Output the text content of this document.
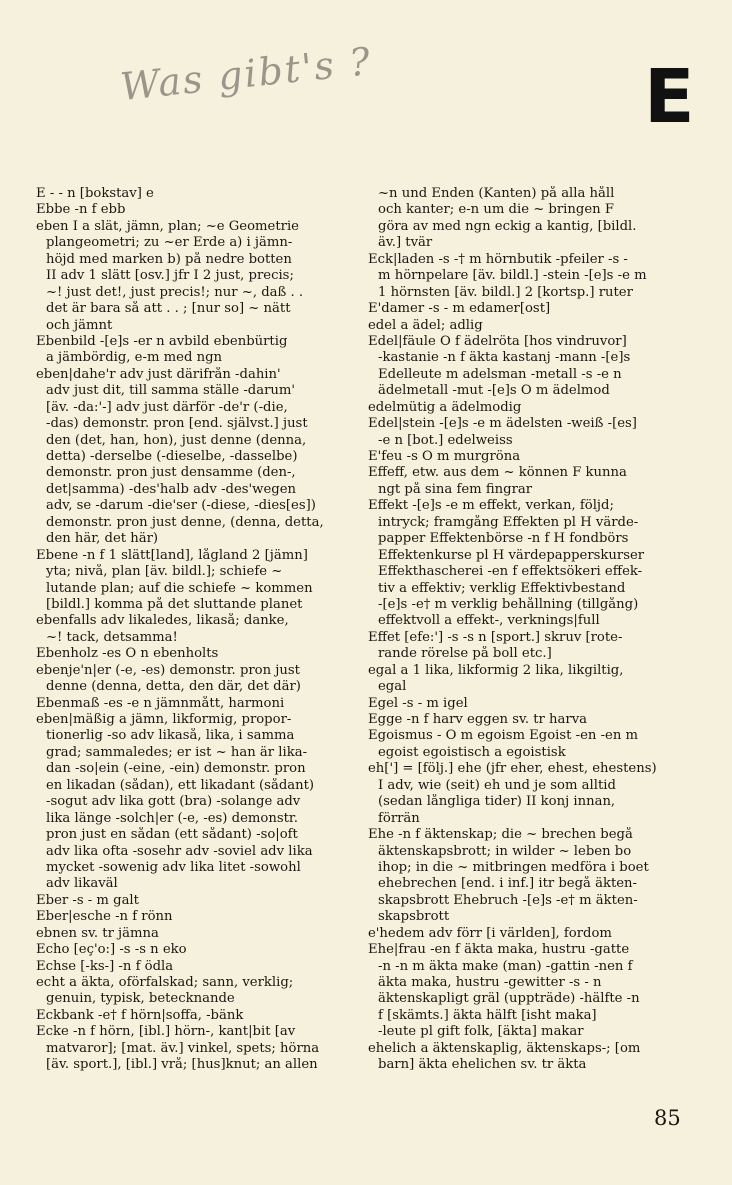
Was gibt's ?	E
E - - n [bokstav] e
Ebbe -n f ebb
eben I a slät, jämn, plan; ~e Geometrie
plangeometri; zu ~er Erde a) i jämn-
höjd med marken b) på nedre botten
II adv 1 slätt [osv.] jfr I 2 just, precis;
~! just det!, just precis!; nur ~, daß . .
det är bara så att . . ; [nur so] ~ nätt
och jämnt
Ebenbild -[e]s -er n avbild ebenbürtig
a jämbördig, e-m med ngn
eben|dahe'r adv just därifrån -dahin'
adv just dit, till samma ställe -darum'
[äv. -da:'-] adv just därför -de'r (-die,
-das) demonstr. pron [end. självst.] just
den (det, han, hon), just denne (denna,
detta) -derselbe (-dieselbe, -dasselbe)
demonstr. pron just densamme (den-,
det|samma) -des'halb adv -des'wegen
adv, se -darum -die'ser (-diese, -dies[es])
demonstr. pron just denne, (denna, detta,
den här, det här)
Ebene -n f 1 slätt[land], lågland 2 [jämn]
yta; nivå, plan [äv. bildl.]; schiefe ~
lutande plan; auf die schiefe ~ kommen
[bildl.] komma på det sluttande planet
ebenfalls adv likaledes, likaså; danke,
~! tack, detsamma!
Ebenholz -es O n ebenholts
ebenje'n|er (-e, -es) demonstr. pron just
denne (denna, detta, den där, det där)
Ebenmaß -es -e n jämnmått, harmoni
eben|mäßig a jämn, likformig, propor-
tionerlig -so adv likaså, lika, i samma
grad; sammaledes; er ist ~ han är lika-
dan -so|ein (-eine, -ein) demonstr. pron
en likadan (sådan), ett likadant (sådant)
-sogut adv lika gott (bra) -solange adv
lika länge -solch|er (-e, -es) demonstr.
pron just en sådan (ett sådant) -so|oft
adv lika ofta -sosehr adv -soviel adv lika
mycket -sowenig adv lika litet -sowohl
adv likaväl
Eber -s - m galt
Eber|esche -n f rönn
ebnen sv. tr jämna
Echo [eç'o:] -s -s n eko
Echse [-ks-] -n f ödla
echt a äkta, oförfalskad; sann, verklig;
genuin, typisk, betecknande
Eckbank -e† f hörn|soffa, -bänk
Ecke -n f hörn, [ibl.] hörn-, kant|bit [av
matvaror]; [mat. äv.] vinkel, spets; hörna
[äv. sport.], [ibl.] vrå; [hus]knut; an allen
~n und Enden (Kanten) på alla håll
och kanter; e-n um die ~ bringen F
göra av med ngn eckig a kantig, [bildl.
äv.] tvär
Eck|laden -s -† m hörnbutik -pfeiler -s -
m hörnpelare [äv. bildl.] -stein -[e]s -e m
1 hörnsten [äv. bildl.] 2 [kortsp.] ruter
E'damer -s - m edamer[ost]
edel a ädel; adlig
Edel|fäule O f ädelröta [hos vindruvor]
-kastanie -n f äkta kastanj -mann -[e]s
Edelleute m adelsman -metall -s -e n
ädelmetall -mut -[e]s O m ädelmod
edelmütig a ädelmodig
Edel|stein -[e]s -e m ädelsten -weiß -[es]
-e n [bot.] edelweiss
E'feu -s O m murgröna
Effeff, etw. aus dem ~ können F kunna
ngt på sina fem fingrar
Effekt -[e]s -e m effekt, verkan, följd;
intryck; framgång Effekten pl H värde-
papper Effektenbörse -n f H fondbörs
Effektenkurse pl H värdepapperskurser
Effekthascherei -en f effektsökeri effek-
tiv a effektiv; verklig Effektivbestand
-[e]s -e† m verklig behållning (tillgång)
effektvoll a effekt-, verknings|full
Effet [efe:'] -s -s n [sport.] skruv [rote-
rande rörelse på boll etc.]
egal a 1 lika, likformig 2 lika, likgiltig,
egal
Egel -s - m igel
Egge -n f harv eggen sv. tr harva
Egoismus - O m egoism Egoist -en -en m
egoist egoistisch a egoistisk
eh['] = [följ.] ehe (jfr eher, ehest, ehestens)
I adv, wie (seit) eh und je som alltid
(sedan långliga tider) II konj innan,
förrän
Ehe -n f äktenskap; die ~ brechen begå
äktenskapsbrott; in wilder ~ leben bo
ihop; in die ~ mitbringen medföra i boet
ehebrechen [end. i inf.] itr begå äkten-
skapsbrott Ehebruch -[e]s -e† m äkten-
skapsbrott
e'hedem adv förr [i världen], fordom
Ehe|frau -en f äkta maka, hustru -gatte
-n -n m äkta make (man) -gattin -nen f
äkta maka, hustru -gewitter -s - n
äktenskapligt gräl (uppträde) -hälfte -n
f [skämts.] äkta hälft [isht maka]
-leute pl gift folk, [äkta] makar
ehelich a äktenskaplig, äktenskaps-; [om
barn] äkta ehelichen sv. tr äkta
85
